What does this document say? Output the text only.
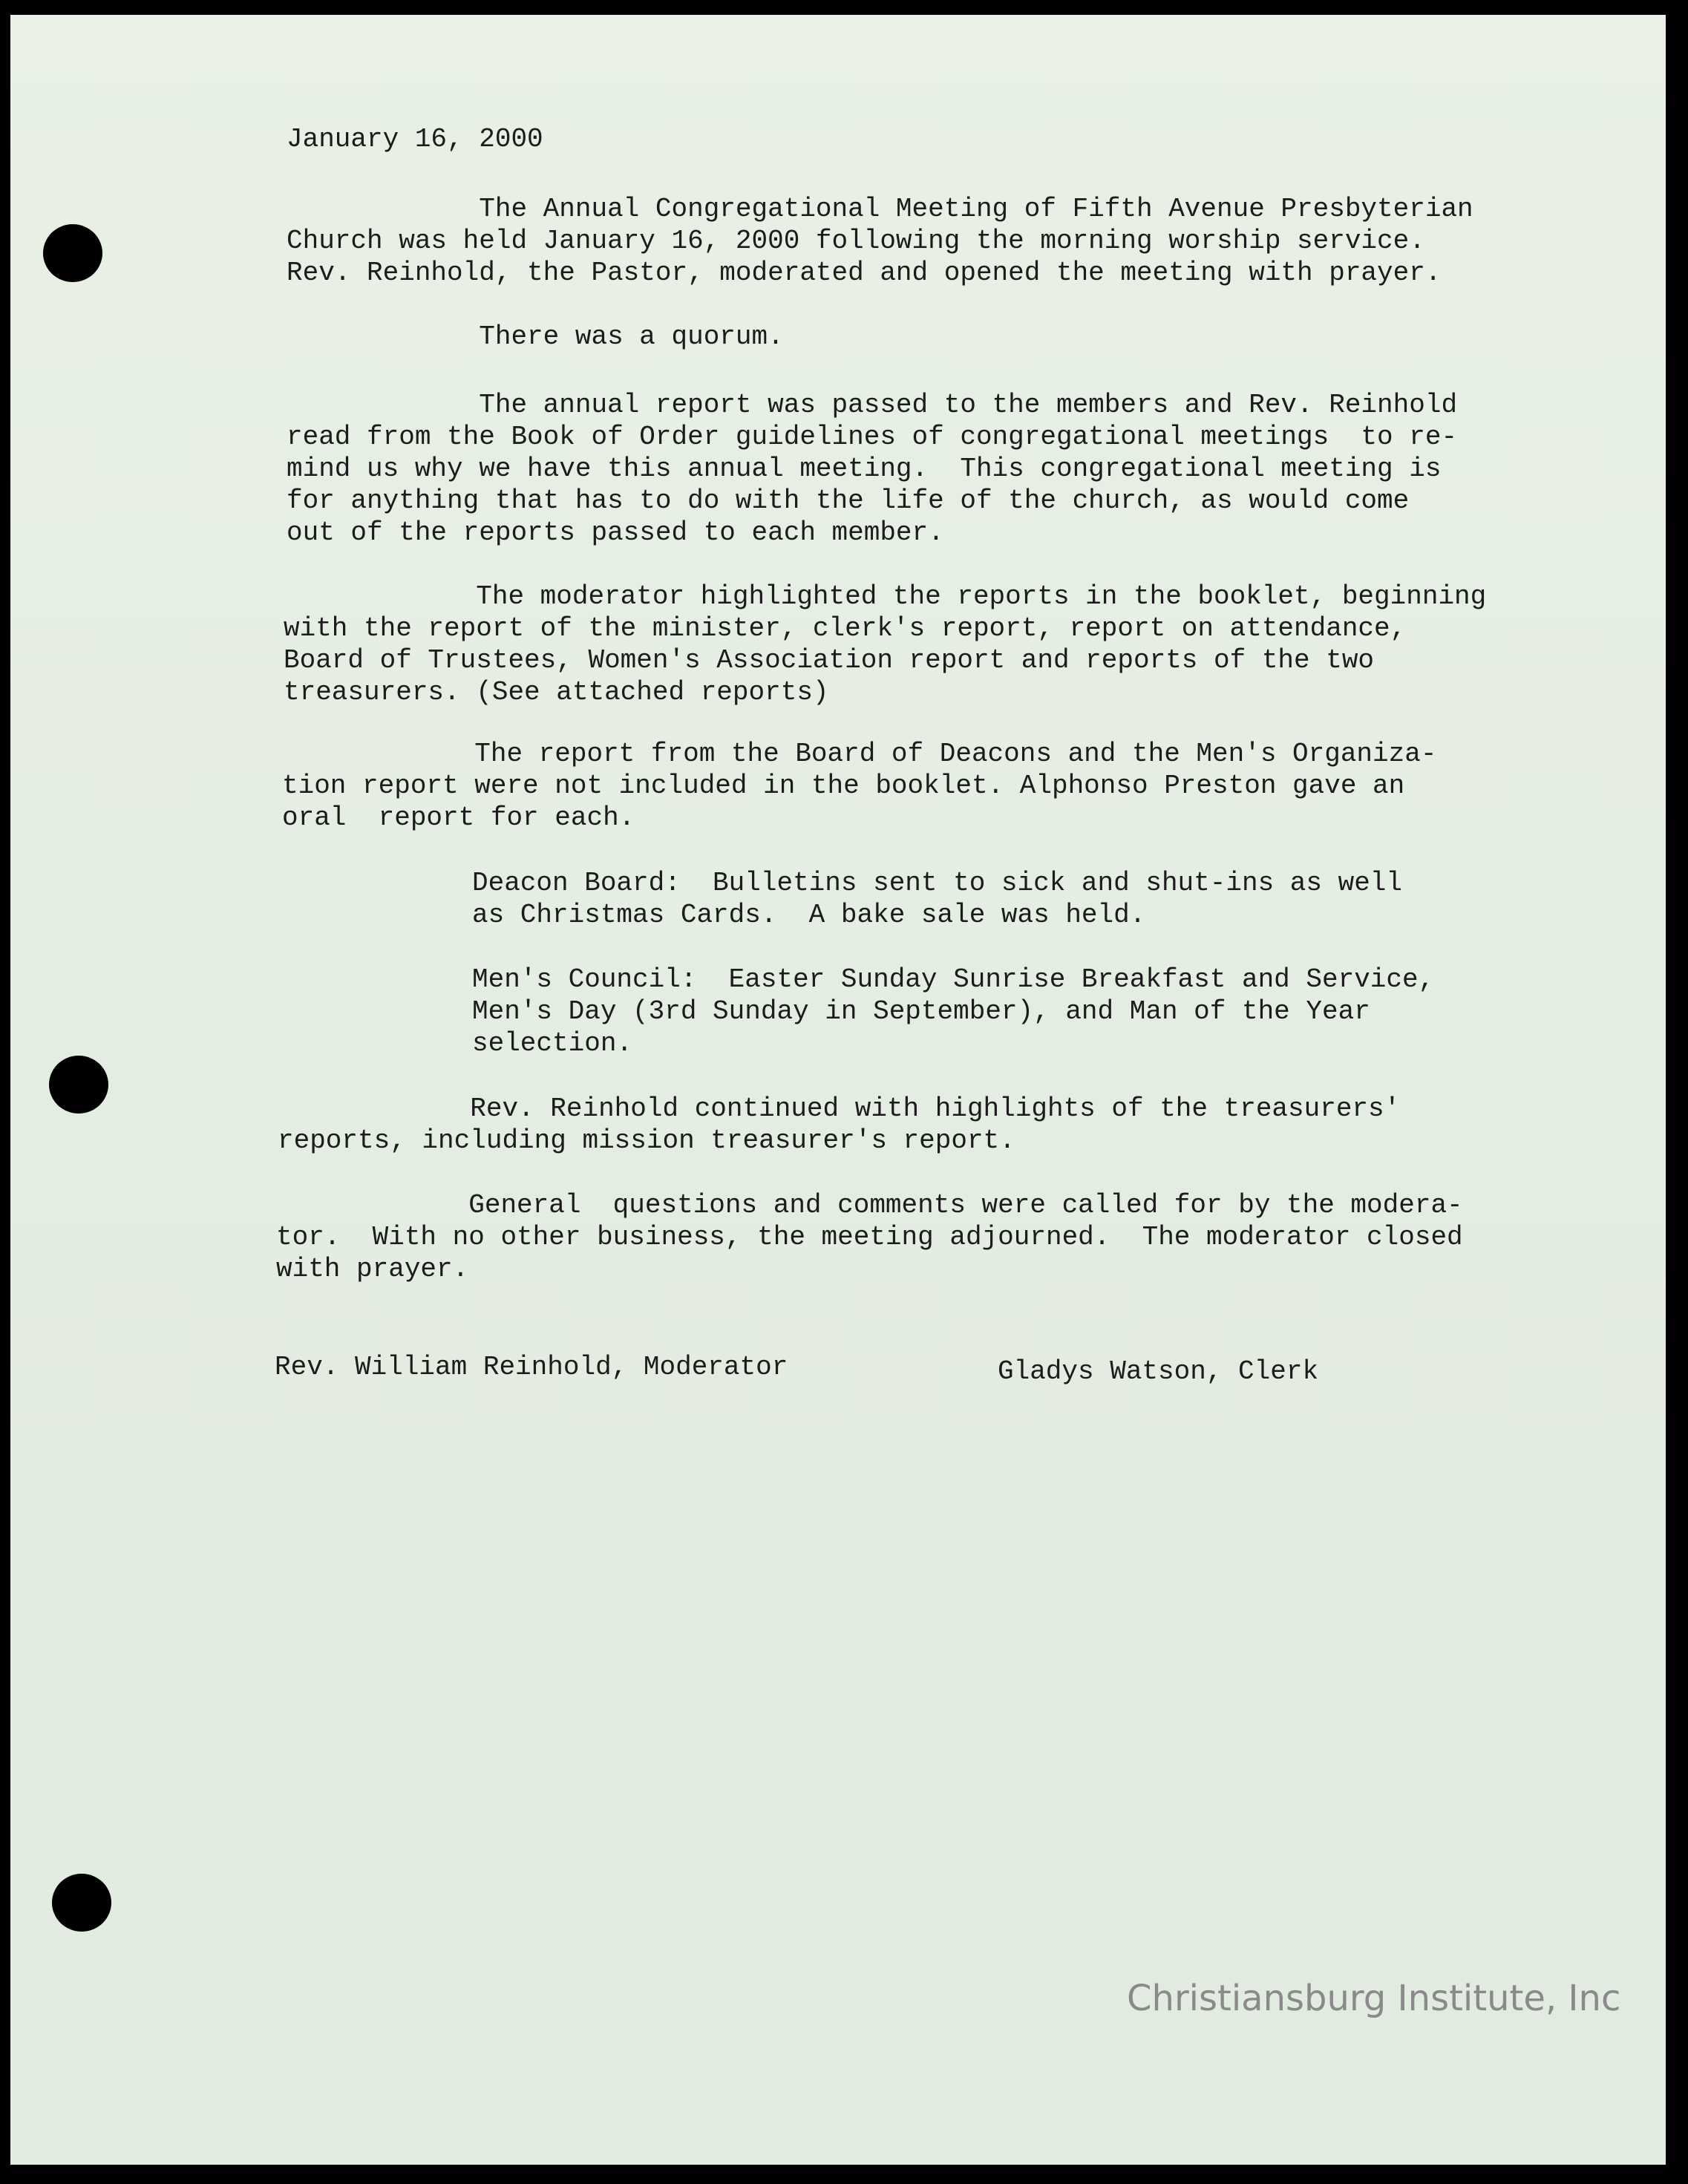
January 16, 2000
The Annual Congregational Meeting of Fifth Avenue Presbyterian
Church was held January 16, 2000 following the morning worship service.
Rev. Reinhold, the Pastor, moderated and opened the meeting with prayer.
There was a quorum.
The annual report was passed to the members and Rev. Reinhold
read from the Book of Order guidelines of congregational meetings  to re-
mind us why we have this annual meeting.  This congregational meeting is
for anything that has to do with the life of the church, as would come
out of the reports passed to each member.
The moderator highlighted the reports in the booklet, beginning
with the report of the minister, clerk's report, report on attendance,
Board of Trustees, Women's Association report and reports of the two
treasurers. (See attached reports)
The report from the Board of Deacons and the Men's Organiza-
tion report were not included in the booklet. Alphonso Preston gave an
oral  report for each.
Deacon Board:  Bulletins sent to sick and shut-ins as well
as Christmas Cards.  A bake sale was held.
Men's Council:  Easter Sunday Sunrise Breakfast and Service,
Men's Day (3rd Sunday in September), and Man of the Year
selection.
Rev. Reinhold continued with highlights of the treasurers'
reports, including mission treasurer's report.
General  questions and comments were called for by the modera-
tor.  With no other business, the meeting adjourned.  The moderator closed
with prayer.
Rev. William Reinhold, Moderator	Gladys Watson, Clerk
Christiansburg Institute, Inc
